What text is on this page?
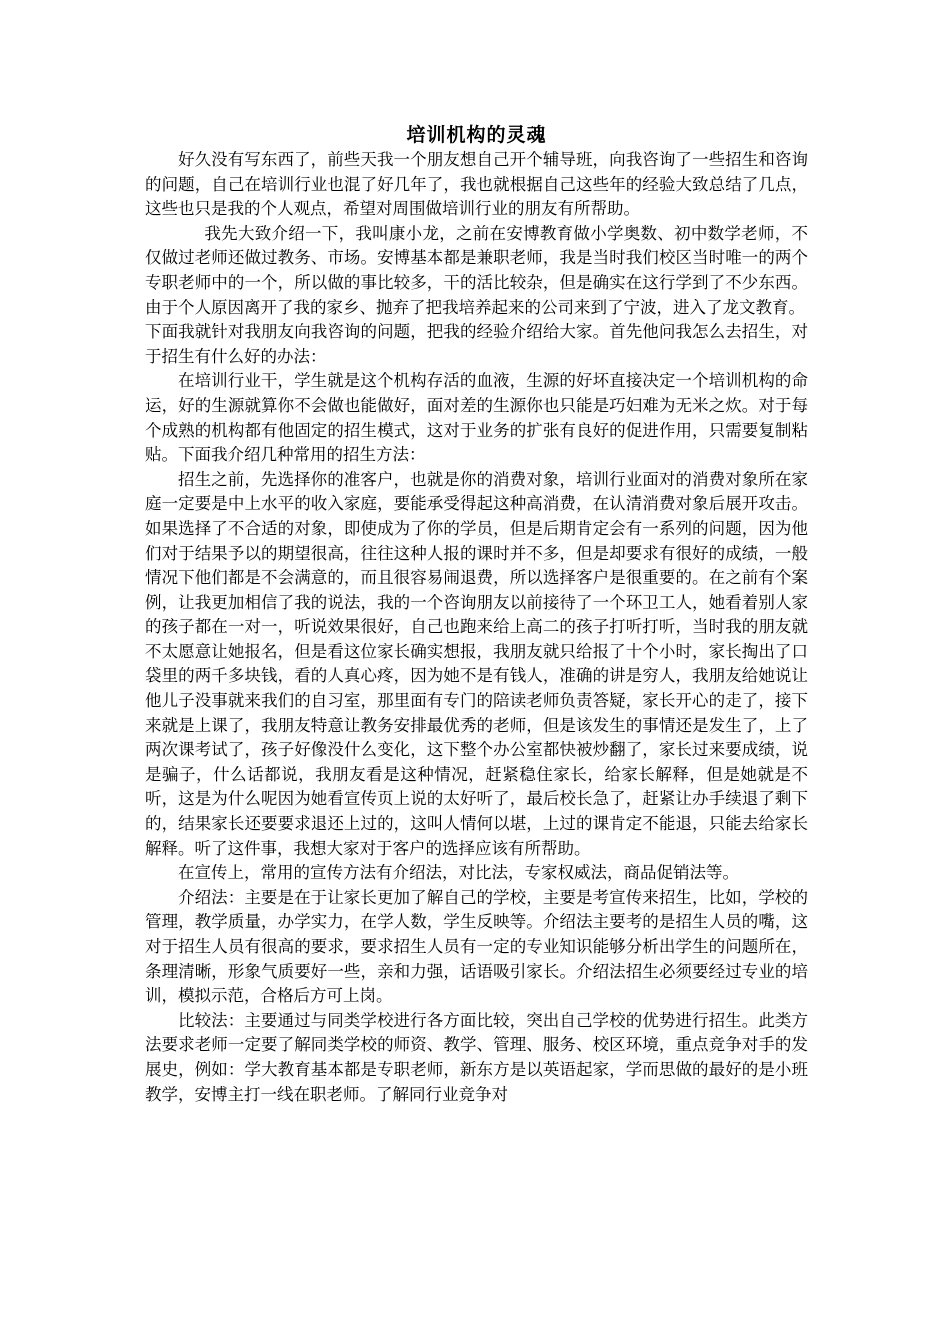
培训机构的灵魂

好久没有写东西了，前些天我一个朋友想自己开个辅导班，向我咨询了一些招生和咨询的问题，自己在培训行业也混了好几年了，我也就根据自己这些年的经验大致总结了几点，这些也只是我的个人观点，希望对周围做培训行业的朋友有所帮助。

我先大致介绍一下，我叫康小龙，之前在安博教育做小学奥数、初中数学老师，不仅做过老师还做过教务、市场。安博基本都是兼职老师，我是当时我们校区当时唯一的两个专职老师中的一个，所以做的事比较多，干的活比较杂，但是确实在这行学到了不少东西。由于个人原因离开了我的家乡、抛弃了把我培养起来的公司来到了宁波，进入了龙文教育。

下面我就针对我朋友向我咨询的问题，把我的经验介绍给大家。首先他问我怎么去招生，对于招生有什么好的办法：

在培训行业干，学生就是这个机构存活的血液，生源的好坏直接决定一个培训机构的命运，好的生源就算你不会做也能做好，面对差的生源你也只能是巧妇难为无米之炊。对于每个成熟的机构都有他固定的招生模式，这对于业务的扩张有良好的促进作用，只需要复制粘贴。下面我介绍几种常用的招生方法：

招生之前，先选择你的准客户，也就是你的消费对象，培训行业面对的消费对象所在家庭一定要是中上水平的收入家庭，要能承受得起这种高消费，在认清消费对象后展开攻击。如果选择了不合适的对象，即使成为了你的学员，但是后期肯定会有一系列的问题，因为他们对于结果予以的期望很高，往往这种人报的课时并不多，但是却要求有很好的成绩，一般情况下他们都是不会满意的，而且很容易闹退费，所以选择客户是很重要的。在之前有个案例，让我更加相信了我的说法，我的一个咨询朋友以前接待了一个环卫工人，她看着别人家的孩子都在一对一，听说效果很好，自己也跑来给上高二的孩子打听打听，当时我的朋友就不太愿意让她报名，但是看这位家长确实想报，我朋友就只给报了十个小时，家长掏出了口袋里的两千多块钱，看的人真心疼，因为她不是有钱人，准确的讲是穷人，我朋友给她说让他儿子没事就来我们的自习室，那里面有专门的陪读老师负责答疑，家长开心的走了，接下来就是上课了，我朋友特意让教务安排最优秀的老师，但是该发生的事情还是发生了，上了两次课考试了，孩子好像没什么变化，这下整个办公室都快被炒翻了，家长过来要成绩，说是骗子，什么话都说，我朋友看是这种情况，赶紧稳住家长，给家长解释，但是她就是不听，这是为什么呢因为她看宣传页上说的太好听了，最后校长急了，赶紧让办手续退了剩下的，结果家长还要要求退还上过的，这叫人情何以堪，上过的课肯定不能退，只能去给家长解释。听了这件事，我想大家对于客户的选择应该有所帮助。

在宣传上，常用的宣传方法有介绍法，对比法，专家权威法，商品促销法等。

介绍法：主要是在于让家长更加了解自己的学校，主要是考宣传来招生，比如，学校的管理，教学质量，办学实力，在学人数，学生反映等。介绍法主要考的是招生人员的嘴，这对于招生人员有很高的要求，要求招生人员有一定的专业知识能够分析出学生的问题所在，条理清晰，形象气质要好一些，亲和力强，话语吸引家长。介绍法招生必须要经过专业的培训，模拟示范，合格后方可上岗。

比较法：主要通过与同类学校进行各方面比较，突出自己学校的优势进行招生。此类方法要求老师一定要了解同类学校的师资、教学、管理、服务、校区环境，重点竞争对手的发展史，例如：学大教育基本都是专职老师，新东方是以英语起家，学而思做的最好的是小班教学，安博主打一线在职老师。了解同行业竞争对
